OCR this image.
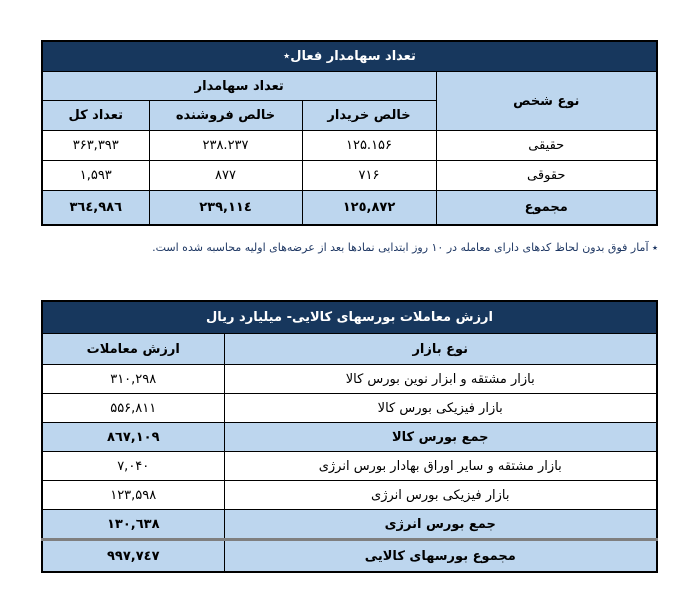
تعداد سهامدار فعال٭			
نوع شخص	تعداد سهامدار		
	خالص خریدار	خالص فروشنده	تعداد کل
حقیقی	۱۲۵.۱۵۶	۲۳۸.۲۳۷	۳۶۳,۳۹۳
حقوقی	۷۱۶	۸۷۷	۱,۵۹۳
مجموع	١٢٥,٨٧٢	٢٣٩,١١٤	٣٦٤,٩٨٦
٭ آمار فوق بدون لحاظ کدهای دارای معامله در ۱۰ روز ابتدایی نمادها بعد از عرضه‌های اولیه محاسبه شده است.
ارزش معاملات بورسهای کالایی- میلیارد ریال	
نوع بازار	ارزش معاملات
بازار مشتقه و ابزار نوین بورس کالا	۳۱۰,۲۹۸
بازار فیزیکی بورس کالا	۵۵۶,۸۱۱
جمع بورس کالا	٨٦٧,١٠٩
بازار مشتقه و سایر اوراق بهادار بورس انرژی	۷,۰۴۰
بازار فیزیکی بورس انرژی	۱۲۳,۵۹۸
جمع بورس انرژی	١٣٠,٦٣٨
مجموع بورسهای کالایی	٩٩٧,٧٤٧
